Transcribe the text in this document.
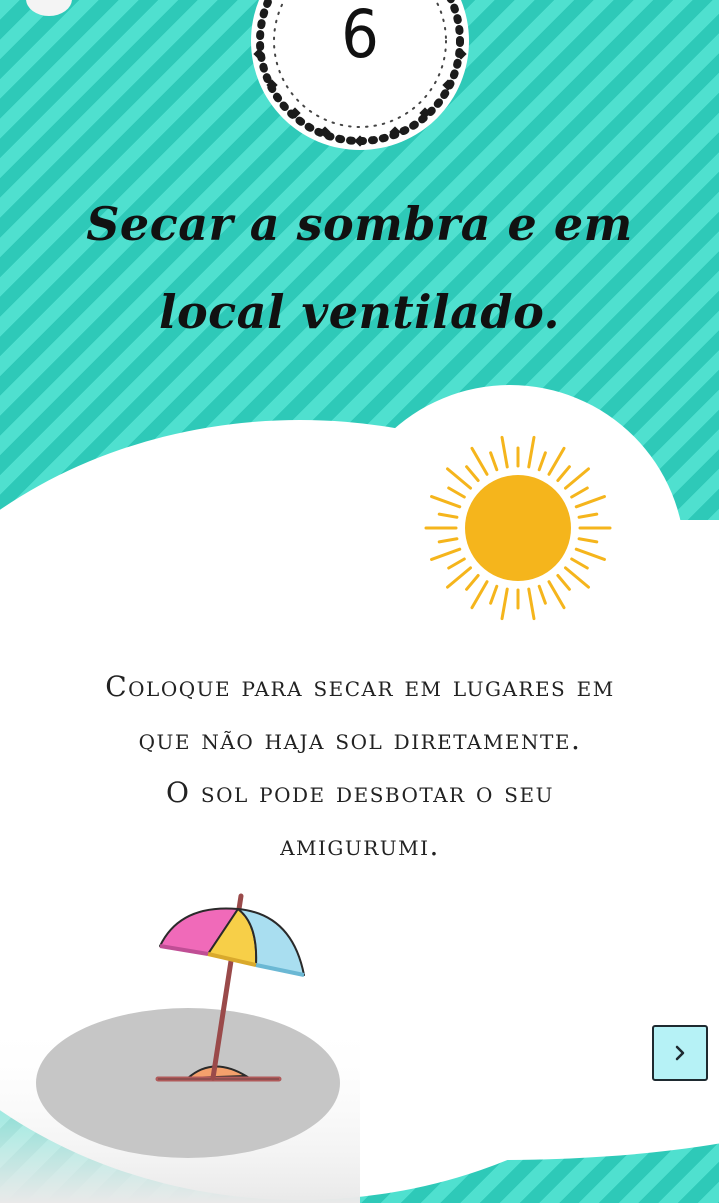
6
Secar a sombra e em
local ventilado.
Coloque para secar em lugares em
que não haja sol diretamente.
O sol pode desbotar o seu
amigurumi.
